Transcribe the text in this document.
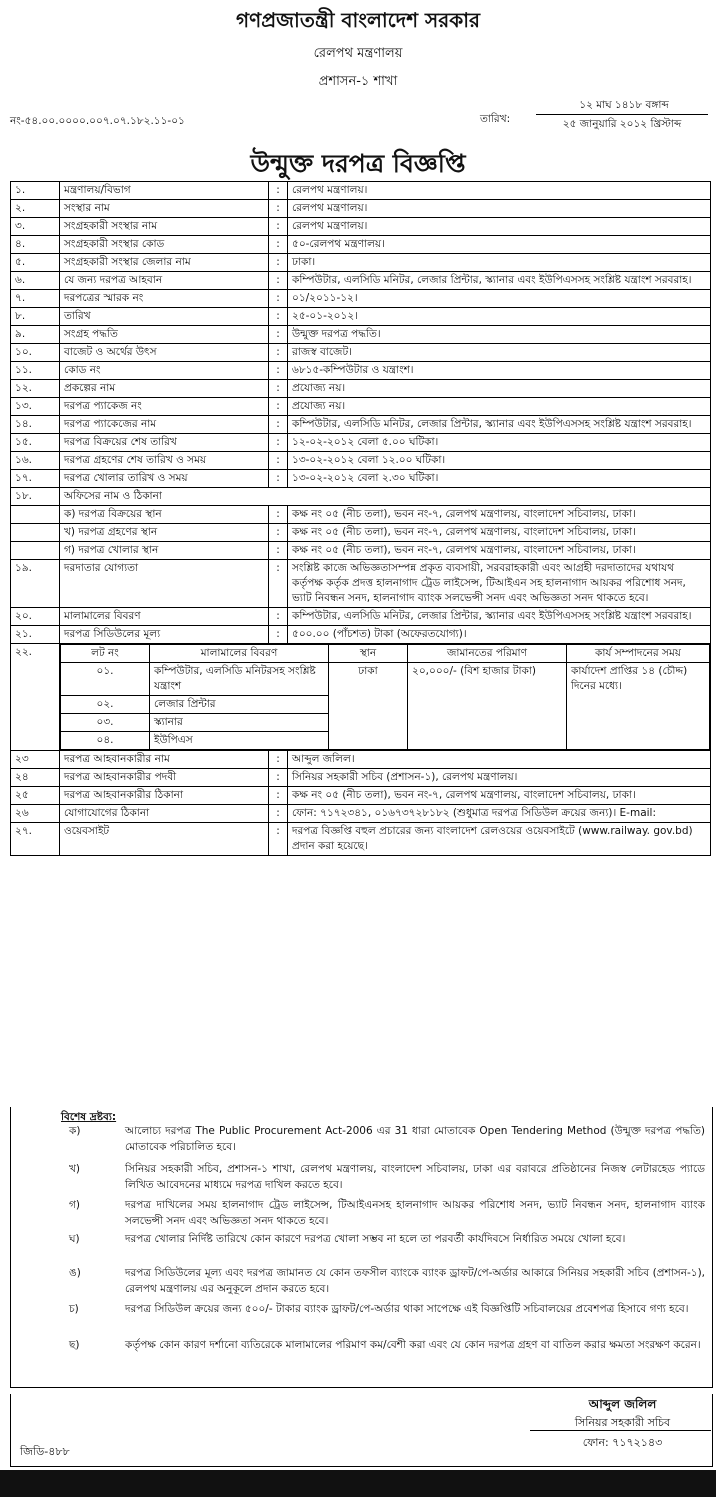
গণপ্রজাতন্ত্রী বাংলাদেশ সরকার
রেলপথ মন্ত্রণালয়
প্রশাসন-১ শাখা
নং-৫৪.০০.০০০০.০০৭.০৭.১৮২.১১-০১	তারিখ:
১২ মাঘ ১৪১৮ বঙ্গাব্দ
২৫ জানুয়ারি ২০১২ খ্রিস্টাব্দ
উন্মুক্ত দরপত্র বিজ্ঞপ্তি
১.	মন্ত্রণালয়/বিভাগ	:	রেলপথ মন্ত্রণালয়।
২.	সংস্থার নাম	:	রেলপথ মন্ত্রণালয়।
৩.	সংগ্রহকারী সংস্থার নাম	:	রেলপথ মন্ত্রণালয়।
৪.	সংগ্রহকারী সংস্থার কোড	:	৫০-রেলপথ মন্ত্রণালয়।
৫.	সংগ্রহকারী সংস্থার জেলার নাম	:	ঢাকা।
৬.	যে জন্য দরপত্র আহবান	:	কম্পিউটার, এলসিডি মনিটর, লেজার প্রিন্টার, স্ক্যানার এবং ইউপিএসসহ সংশ্লিষ্ট যন্ত্রাংশ সরবরাহ।
৭.	দরপত্রের স্মারক নং	:	০১/২০১১-১২।
৮.	তারিখ	:	২৫-০১-২০১২।
৯.	সংগ্রহ পদ্ধতি	:	উন্মুক্ত দরপত্র পদ্ধতি।
১০.	বাজেট ও অর্থের উৎস	:	রাজস্ব বাজেট।
১১.	কোড নং	:	৬৮১৫-কম্পিউটার ও যন্ত্রাংশ।
১২.	প্রকল্পের নাম	:	প্রযোজ্য নয়।
১৩.	দরপত্র প্যাকেজ নং	:	প্রযোজ্য নয়।
১৪.	দরপত্র প্যাকেজের নাম	:	কম্পিউটার, এলসিডি মনিটর, লেজার প্রিন্টার, স্ক্যানার এবং ইউপিএসসহ সংশ্লিষ্ট যন্ত্রাংশ সরবরাহ।
১৫.	দরপত্র বিক্রয়ের শেষ তারিখ	:	১২-০২-২০১২ বেলা ৫.০০ ঘটিকা।
১৬.	দরপত্র গ্রহণের শেষ তারিখ ও সময়	:	১৩-০২-২০১২ বেলা ১২.০০ ঘটিকা।
১৭.	দরপত্র খোলার তারিখ ও সময়	:	১৩-০২-২০১২ বেলা ২.৩০ ঘটিকা।
১৮.	অফিসের নাম ও ঠিকানা
	ক) দরপত্র বিক্রয়ের স্থান	:	কক্ষ নং ০৫ (নীচ তলা), ভবন নং-৭, রেলপথ মন্ত্রণালয়, বাংলাদেশ সচিবালয়, ঢাকা।
	খ) দরপত্র গ্রহণের স্থান	:	কক্ষ নং ০৫ (নীচ তলা), ভবন নং-৭, রেলপথ মন্ত্রণালয়, বাংলাদেশ সচিবালয়, ঢাকা।
	গ) দরপত্র খোলার স্থান	:	কক্ষ নং ০৫ (নীচ তলা), ভবন নং-৭, রেলপথ মন্ত্রণালয়, বাংলাদেশ সচিবালয়, ঢাকা।
১৯.	দরদাতার যোগ্যতা	:	সংশ্লিষ্ট কাজে অভিজ্ঞতাসম্পন্ন প্রকৃত ব্যবসায়ী, সরবরাহকারী এবং আগ্রহী দরদাতাদের যথাযথ কর্তৃপক্ষ কর্তৃক প্রদত্ত হালনাগাদ ট্রেড লাইসেন্স, টিআইএন সহ হালনাগাদ আয়কর পরিশোধ সনদ, ভ্যাট নিবন্ধন সনদ, হালনাগাদ ব্যাংক সলভেন্সী সনদ এবং অভিজ্ঞতা সনদ থাকতে হবে।
২০.	মালামালের বিবরণ	:	কম্পিউটার, এলসিডি মনিটর, লেজার প্রিন্টার, স্ক্যানার এবং ইউপিএসসহ সংশ্লিষ্ট যন্ত্রাংশ সরবরাহ।
২১.	দরপত্র সিডিউলের মূল্য	:	৫০০.০০ (পাঁচশত) টাকা (অফেরতযোগ্য)।
২২.		লট নং	মালামালের বিবরণ	স্থান	জামানতের পরিমাণ	কার্য সম্পাদনের সময়
০১.	কম্পিউটার, এলসিডি মনিটরসহ সংশ্লিষ্ট যন্ত্রাংশ	ঢাকা	২০,০০০/- (বিশ হাজার টাকা)	কার্যাদেশ প্রাপ্তির ১৪ (চৌদ্দ) দিনের মধ্যে।
০২.	লেজার প্রিন্টার
০৩.	স্ক্যানার
০৪.	ইউপিএস

২৩	দরপত্র আহবানকারীর নাম	:	আব্দুল জলিল।
২৪	দরপত্র আহবানকারীর পদবী	:	সিনিয়র সহকারী সচিব (প্রশাসন-১), রেলপথ মন্ত্রণালয়।
২৫	দরপত্র আহবানকারীর ঠিকানা	:	কক্ষ নং ০৫ (নীচ তলা), ভবন নং-৭, রেলপথ মন্ত্রণালয়, বাংলাদেশ সচিবালয়, ঢাকা।
২৬	যোগাযোগের ঠিকানা	:	ফোন: ৭১৭২৩৪১, ০১৬৭৩৭২৮১৮২ (শুধুমাত্র দরপত্র সিডিউল ক্রয়ের জন্য)। E-mail:
২৭.	ওয়েবসাইট	:	দরপত্র বিজ্ঞপ্তি বহুল প্রচারের জন্য বাংলাদেশ রেলওয়ের ওয়েবসাইটে (www.railway. gov.bd) প্রদান করা হয়েছে।
বিশেষ দ্রষ্টব্য:
ক)	আলোচ্য দরপত্র The Public Procurement Act-2006 এর 31 ধারা মোতাবেক Open Tendering Method (উন্মুক্ত দরপত্র পদ্ধতি) মোতাবেক পরিচালিত হবে।
খ)	সিনিয়র সহকারী সচিব, প্রশাসন-১ শাখা, রেলপথ মন্ত্রণালয়, বাংলাদেশ সচিবালয়, ঢাকা এর বরাবরে প্রতিষ্ঠানের নিজস্ব লেটারহেড প্যাডে লিখিত আবেদনের মাধ্যমে দরপত্র দাখিল করতে হবে।
গ)	দরপত্র দাখিলের সময় হালনাগাদ ট্রেড লাইসেন্স, টিআইএনসহ হালনাগাদ আয়কর পরিশোধ সনদ, ভ্যাট নিবন্ধন সনদ, হালনাগাদ ব্যাংক সলভেন্সী সনদ এবং অভিজ্ঞতা সনদ থাকতে হবে।
ঘ)	দরপত্র খোলার নির্দিষ্ট তারিখে কোন কারণে দরপত্র খোলা সম্ভব না হলে তা পরবর্তী কার্যদিবসে নির্ধারিত সময়ে খোলা হবে।
ঙ)	দরপত্র সিডিউলের মূল্য এবং দরপত্র জামানত যে কোন তফসীল ব্যাংকে ব্যাংক ড্রাফট/পে-অর্ডার আকারে সিনিয়র সহকারী সচিব (প্রশাসন-১), রেলপথ মন্ত্রণালয় এর অনুকূলে প্রদান করতে হবে।
চ)	দরপত্র সিডিউল ক্রয়ের জন্য ৫০০/- টাকার ব্যাংক ড্রাফট/পে-অর্ডার থাকা সাপেক্ষে এই বিজ্ঞপ্তিটি সচিবালয়ের প্রবেশপত্র হিসাবে গণ্য হবে।
ছ)	কর্তৃপক্ষ কোন কারণ দর্শানো ব্যতিরেকে মালামালের পরিমাণ কম/বেশী করা এবং যে কোন দরপত্র গ্রহণ বা বাতিল করার ক্ষমতা সংরক্ষণ করেন।
আব্দুল জলিল
সিনিয়র সহকারী সচিব
ফোন: ৭১৭২১৪৩
জিডি-৪৮৮
